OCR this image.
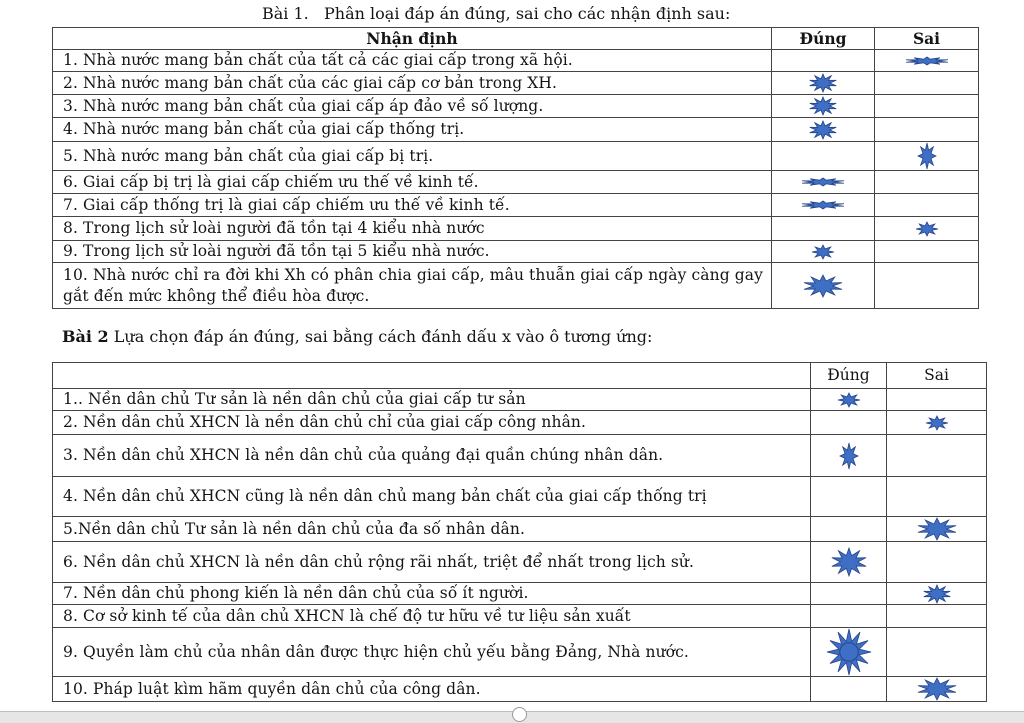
Bài 1. Phân loại đáp án đúng, sai cho các nhận định sau:
Nhận định	Đúng	Sai
1. Nhà nước mang bản chất của tất cả các giai cấp trong xã hội.		

2. Nhà nước mang bản chất của các giai cấp cơ bản trong XH.	

3. Nhà nước mang bản chất của giai cấp áp đảo về số lượng.	

4. Nhà nước mang bản chất của giai cấp thống trị.	

5. Nhà nước mang bản chất của giai cấp bị trị.		

6. Giai cấp bị trị là giai cấp chiếm ưu thế về kinh tế.	

7. Giai cấp thống trị là giai cấp chiếm ưu thế về kinh tế.	

8. Trong lịch sử loài người đã tồn tại 4 kiểu nhà nước		

9. Trong lịch sử loài người đã tồn tại 5 kiểu nhà nước.	

10. Nhà nước chỉ ra đời khi Xh có phân chia giai cấp, mâu thuẫn giai cấp ngày càng gay gắt đến mức không thể điều hòa được.	

Bài 2 Lựa chọn đáp án đúng, sai bằng cách đánh dấu x vào ô tương ứng:
	Đúng	Sai
1.. Nền dân chủ Tư sản là nền dân chủ của giai cấp tư sản	

2. Nền dân chủ XHCN là nền dân chủ chỉ của giai cấp công nhân.		

3. Nền dân chủ XHCN là nền dân chủ của quảng đại quần chúng nhân dân.	

4. Nền dân chủ XHCN cũng là nền dân chủ mang bản chất của giai cấp thống trị		
5.Nền dân chủ Tư sản là nền dân chủ của đa số nhân dân.		

6. Nền dân chủ XHCN là nền dân chủ rộng rãi nhất, triệt để nhất trong lịch sử.	

7. Nền dân chủ phong kiến là nền dân chủ của số ít người.		

8. Cơ sở kinh tế của dân chủ XHCN là chế độ tư hữu về tư liệu sản xuất		
9. Quyền làm chủ của nhân dân được thực hiện chủ yếu bằng Đảng, Nhà nước.	

10. Pháp luật kìm hãm quyền dân chủ của công dân.		
